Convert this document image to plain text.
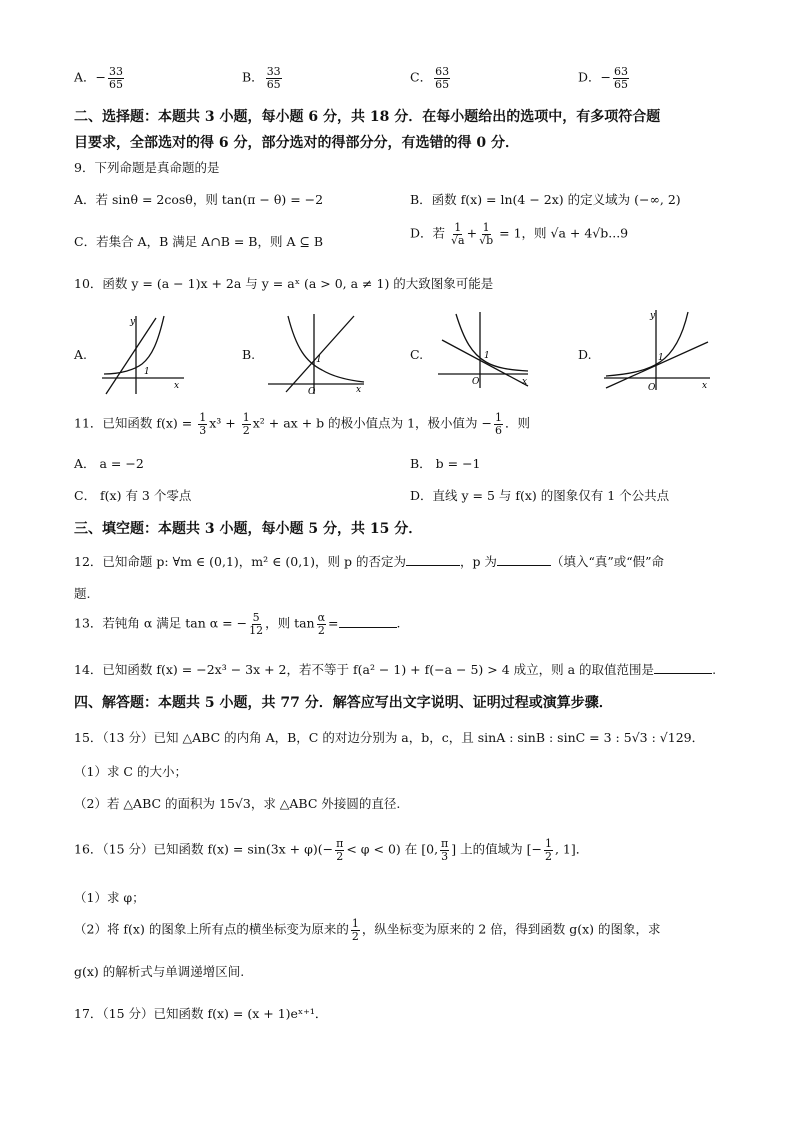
A．− $\frac{33}{65}$	B． $\frac{33}{65}$	C． $\frac{63}{65}$	D．− $\frac{63}{65}$
二、选择题：本题共 3 小题，每小题 6 分，共 18 分．在每小题给出的选项中，有多项符合题
目要求，全部选对的得 6 分，部分选对的得部分分，有选错的得 0 分．
9．下列命题是真命题的是
A．若 sinθ = 2cosθ，则 tan(π − θ) = −2	B．函数 f(x) = ln(4 − 2x) 的定义域为 (−∞, 2)
C．若集合 A，B 满足 A∩B = B，则 A ⊆ B
D．若 $\frac{1}{√a} + \frac{1}{√b} = 1$，则 √a + 4√b...9
10．函数 y = (a − 1)x + 2a 与 y = aˣ (a > 0, a ≠ 1) 的大致图象可能是
A.
1
x
y
B.
O
1
x
C.
O
1
x
D.
O
1
x
y
11．已知函数 $f(x) = \frac{1}{3} x^3 + \frac{1}{2} x^2$ + ax + b 的极小值点为 1，极小值为 − $\frac{1}{6}$ ．则
A． a = −2	B． b = −1
C． f(x) 有 3 个零点	D．直线 y = 5 与 f(x) 的图象仅有 1 个公共点
三、填空题：本题共 3 小题，每小题 5 分，共 15 分．
12．已知命题 p: ∀m ∈ (0,1)，m² ∈ (0,1)，则 p 的否定为	，p 为	（填入“真”或“假”命
题.
13．若钝角 α 满足 tan α = − $\frac{5}{12}$ ，则 $\tan \frac{\alpha}{2}$ =	.
14．已知函数 f(x) = −2x³ − 3x + 2，若不等于 f(a² − 1) + f(−a − 5) > 4 成立，则 a 的取值范围是	.
四、解答题：本题共 5 小题，共 77 分．解答应写出文字说明、证明过程或演算步骤．
15．（13 分）已知 △ABC 的内角 A，B，C 的对边分别为 a，b，c，且 sinA : sinB : sinC = 3 : 5√3 : √129．
（1）求 C 的大小；
（2）若 △ABC 的面积为 15√3，求 △ABC 外接圆的直径.
16．（15 分）已知函数 $f(x) = \sin(3x + \varphi)(- \frac{\pi}{2} < \varphi < 0)$ 在 [0, $\frac{\pi}{3}$ ] 上的值域为 [− $\frac{1}{2}$ , 1]．
（1）求 φ；
（2）将 f(x) 的图象上所有点的横坐标变为原来的 $\frac{1}{2}$ ，纵坐标变为原来的 2 倍，得到函数 g(x) 的图象，求
g(x) 的解析式与单调递增区间.
17．（15 分）已知函数 f(x) = (x + 1)eˣ⁺¹．
